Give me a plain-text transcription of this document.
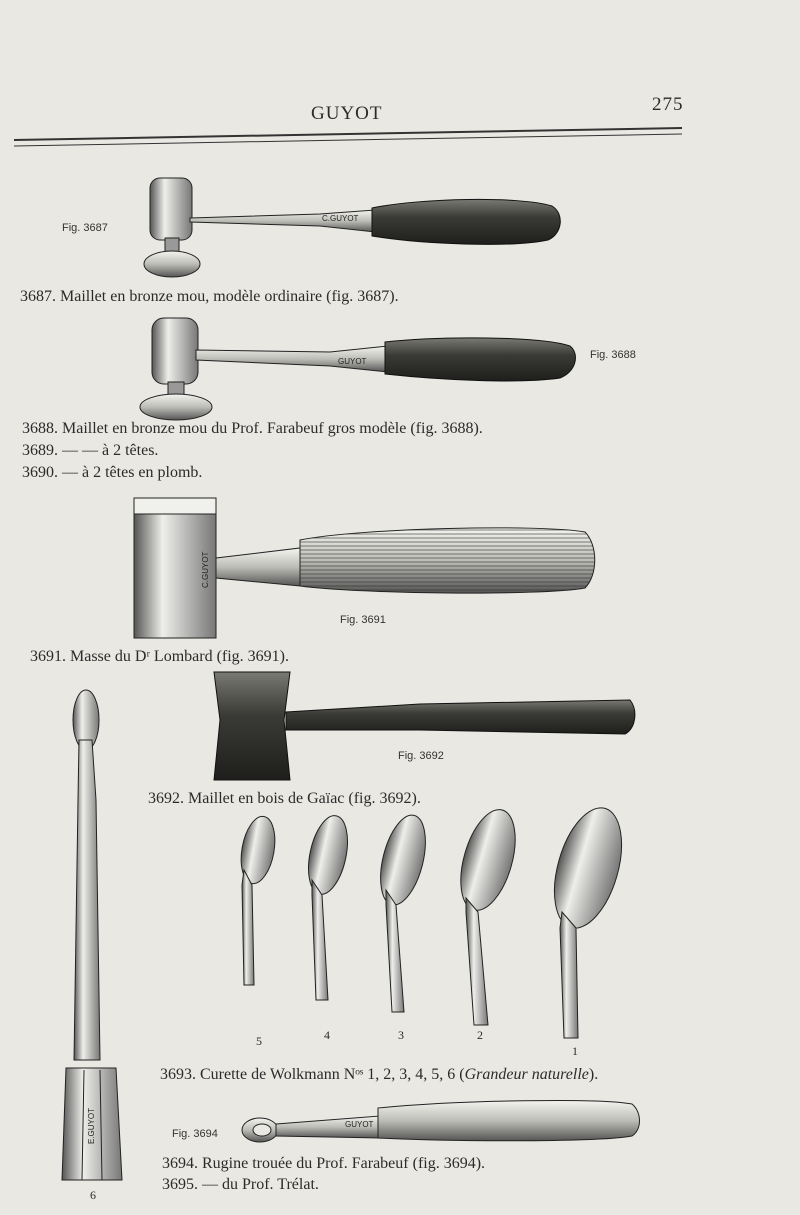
GUYOT	275
C.GUYOT
GUYOT
C.GUYOT
E.GUYOT	GUYOT
Fig. 3687
Fig. 3688
Fig. 3691
Fig. 3692
Fig. 3694
3687. Maillet en bronze mou, modèle ordinaire (fig. 3687).
3688. Maillet en bronze mou du Prof. Farabeuf gros modèle (fig. 3688).
3689. — — à 2 têtes.
3690. — à 2 têtes en plomb.
3691. Masse du Dʳ Lombard (fig. 3691).
3692. Maillet en bois de Gaïac (fig. 3692).
3693. Curette de Wolkmann Nᵒˢ 1, 2, 3, 4, 5, 6 (Grandeur naturelle).
3694. Rugine trouée du Prof. Farabeuf (fig. 3694).
3695. — du Prof. Trélat.
5	4	3	2
1
6
